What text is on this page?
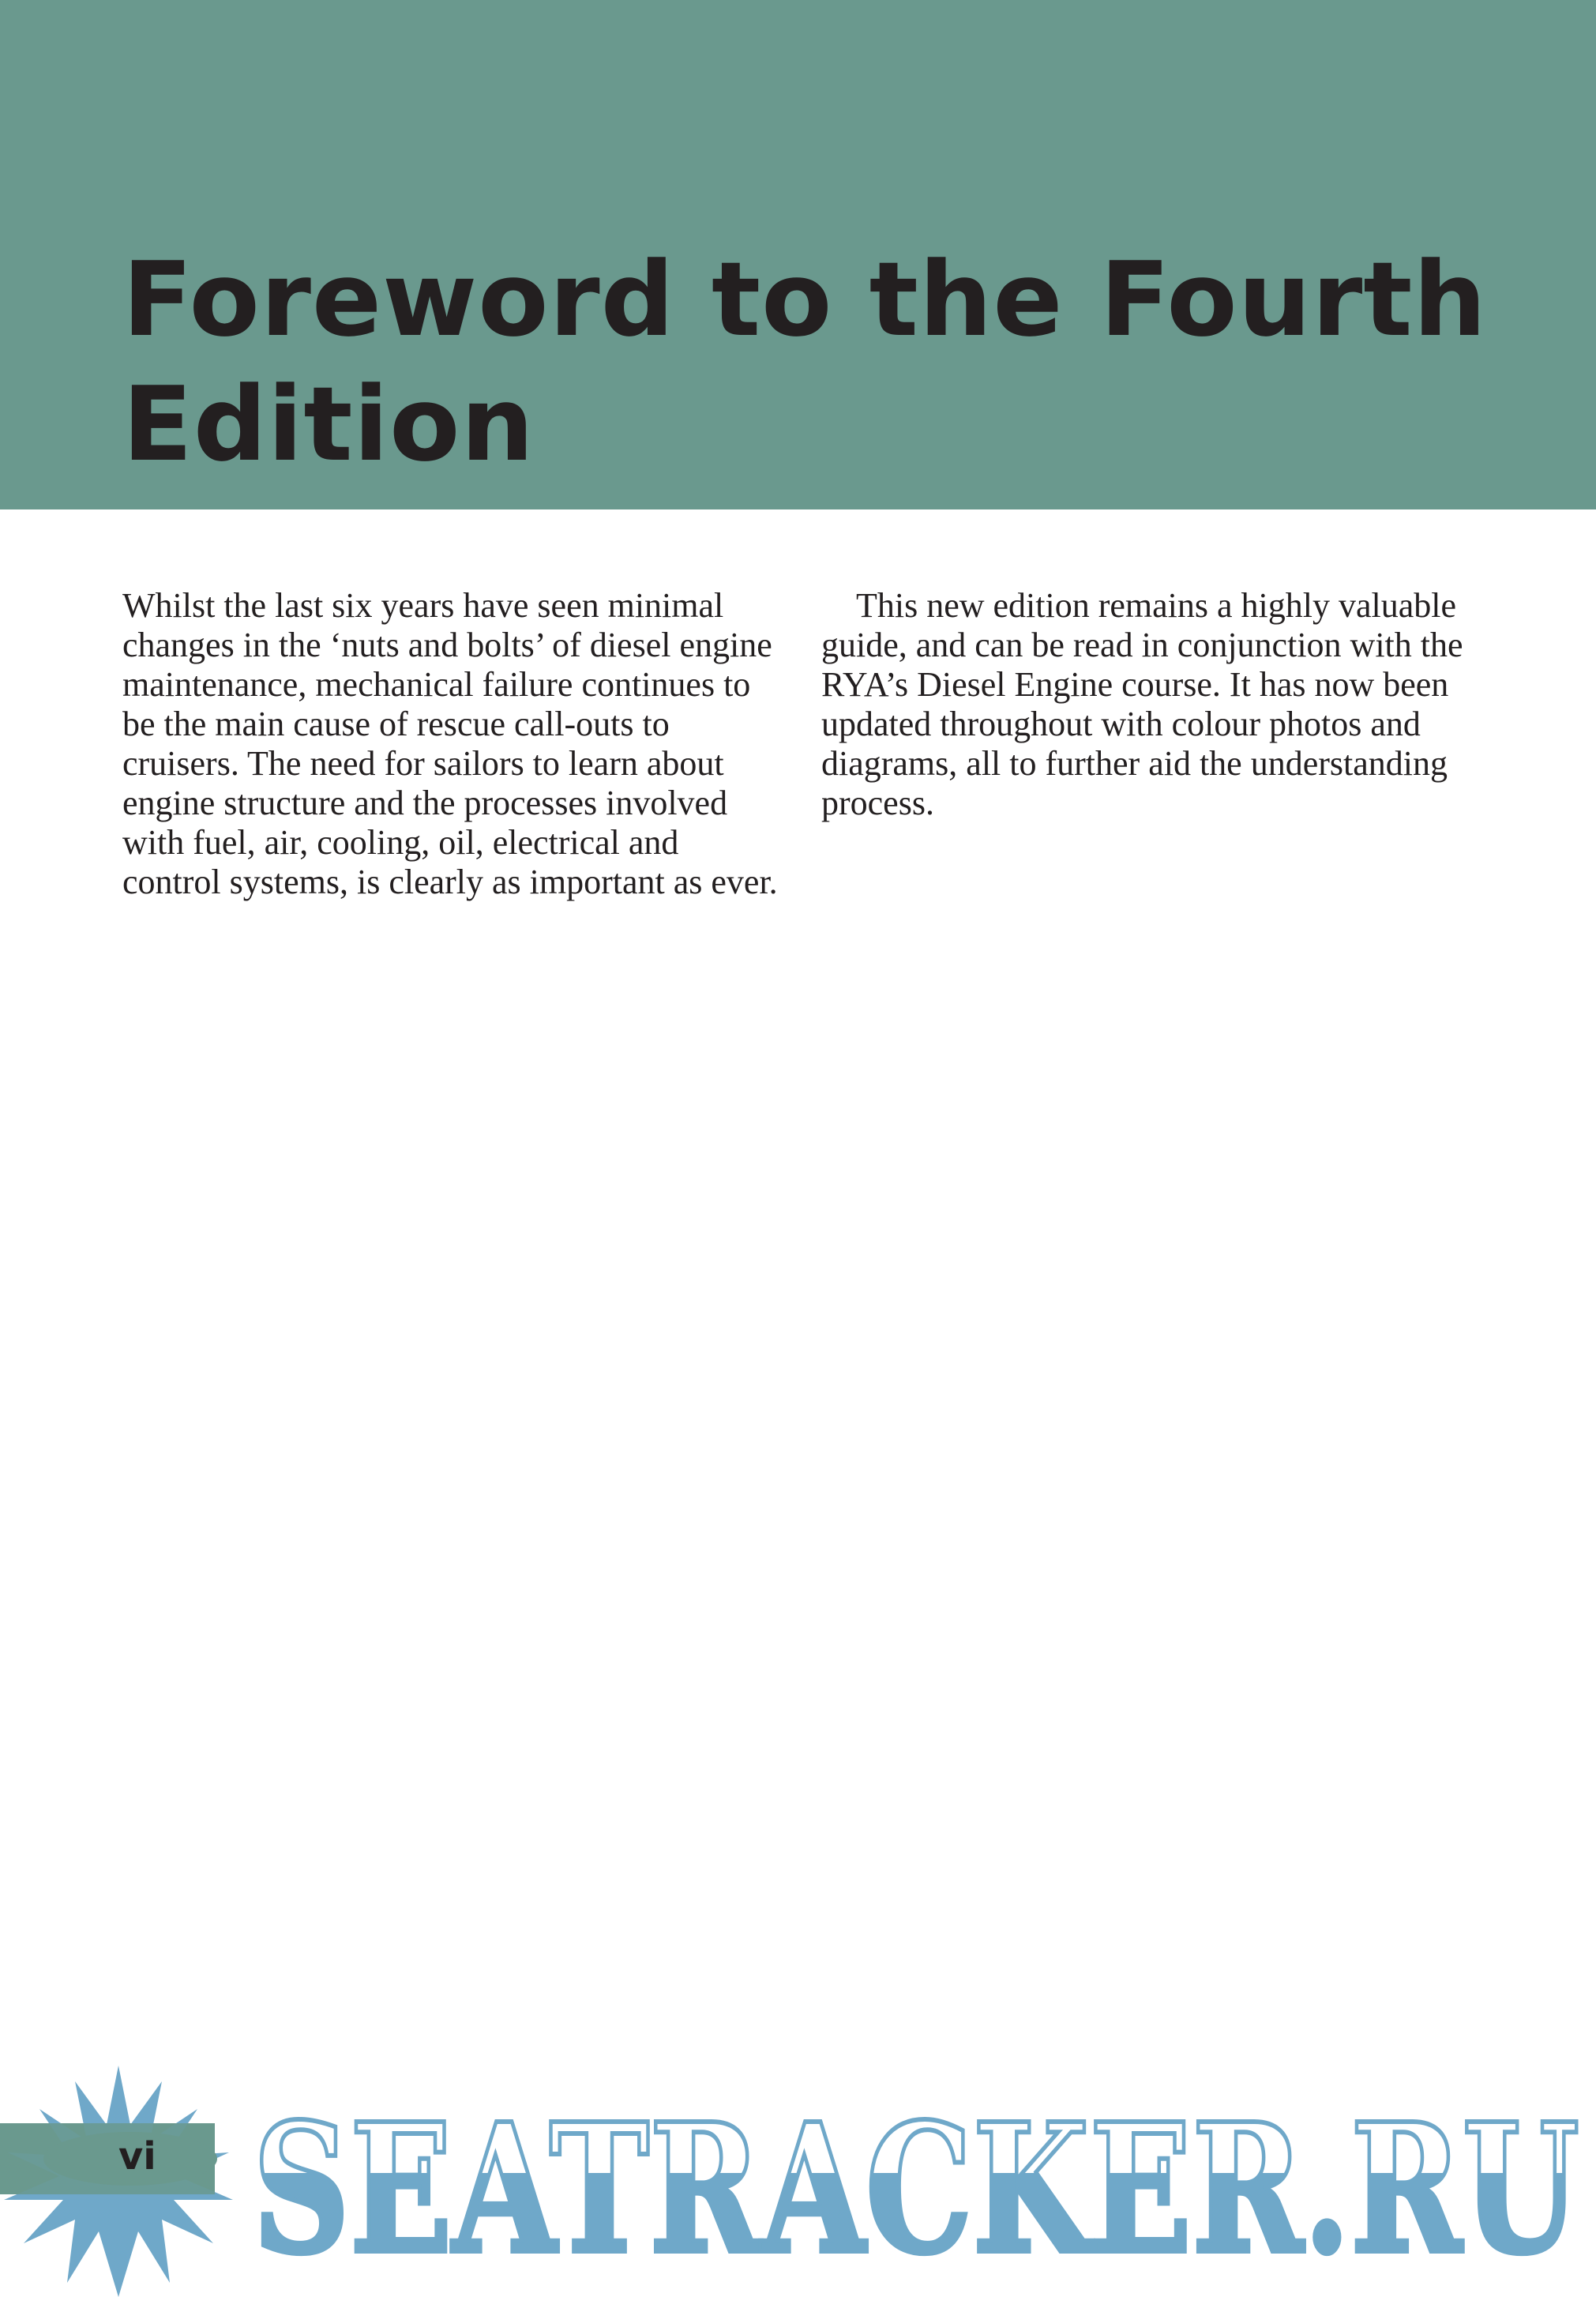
Foreword to the Fourth
Edition

Whilst the last six years have seen minimal changes in the ‘nuts and bolts’ of diesel engine maintenance, mechanical failure continues to be the main cause of rescue call-outs to cruisers. The need for sailors to learn about engine structure and the processes involved with fuel, air, cooling, oil, electrical and control systems, is clearly as important as ever.

This new edition remains a highly valuable guide, and can be read in conjunction with the RYA’s Diesel Engine course. It has now been updated throughout with colour photos and diagrams, all to further aid the understanding process.

vi SEATRACKER.RU
